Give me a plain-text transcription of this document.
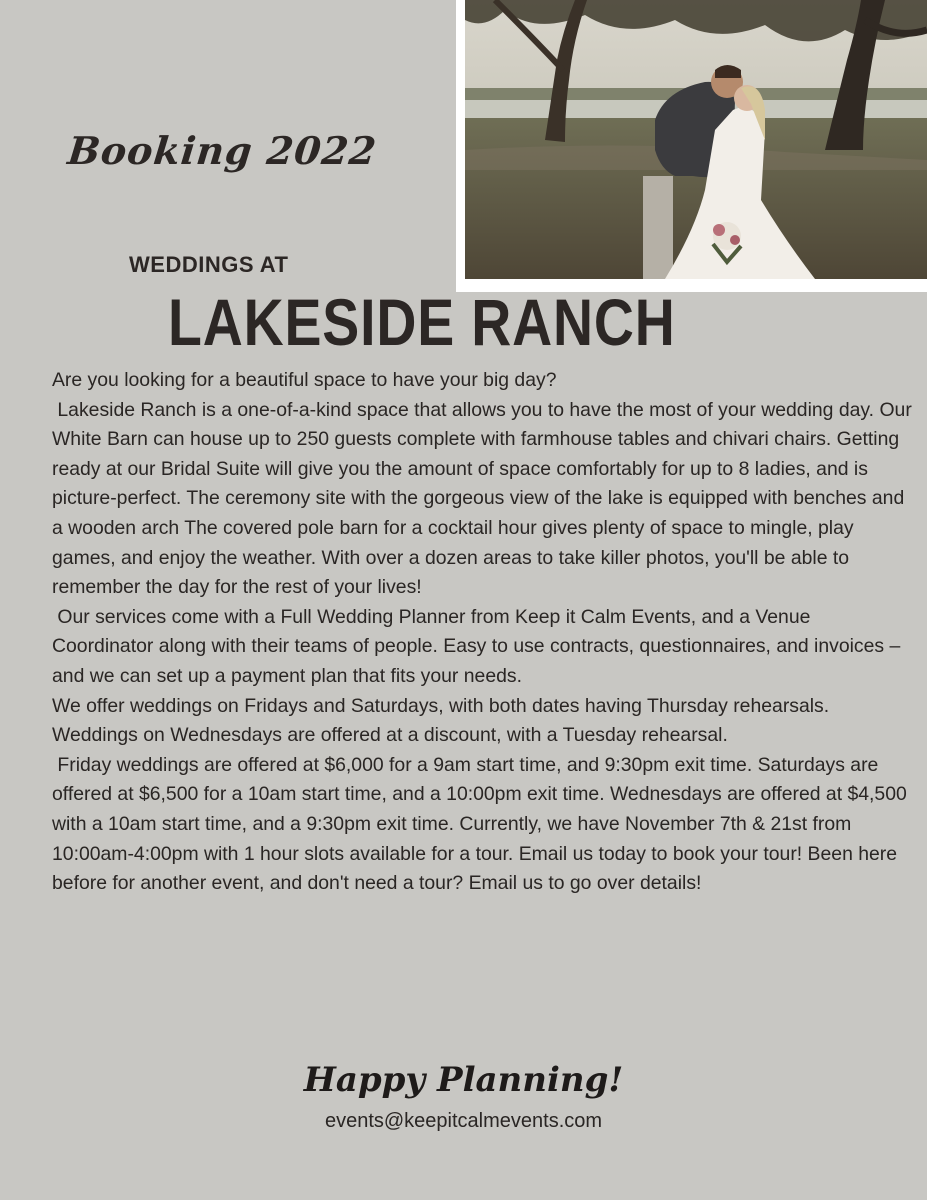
Booking 2022
WEDDINGS AT
LAKESIDE RANCH

Are you looking for a beautiful space to have your big day?

Lakeside Ranch is a one-of-a-kind space that allows you to have the most of your wedding day. Our White Barn can house up to 250 guests complete with farmhouse tables and chivari chairs. Getting ready at our Bridal Suite will give you the amount of space comfortably for up to 8 ladies, and is picture-perfect. The ceremony site with the gorgeous view of the lake is equipped with benches and a wooden arch The covered pole barn for a cocktail hour gives plenty of space to mingle, play games, and enjoy the weather. With over a dozen areas to take killer photos, you'll be able to remember the day for the rest of your lives!

Our services come with a Full Wedding Planner from Keep it Calm Events, and a Venue Coordinator along with their teams of people. Easy to use contracts, questionnaires, and invoices – and we can set up a payment plan that fits your needs.

We offer weddings on Fridays and Saturdays, with both dates having Thursday rehearsals. Weddings on Wednesdays are offered at a discount, with a Tuesday rehearsal.

Friday weddings are offered at $6,000 for a 9am start time, and 9:30pm exit time. Saturdays are offered at $6,500 for a 10am start time, and a 10:00pm exit time. Wednesdays are offered at $4,500 with a 10am start time, and a 9:30pm exit time. Currently, we have November 7th & 21st from 10:00am-4:00pm with 1 hour slots available for a tour. Email us today to book your tour! Been here before for another event, and don't need a tour? Email us to go over details!

Happy Planning!
events@keepitcalmevents.com
